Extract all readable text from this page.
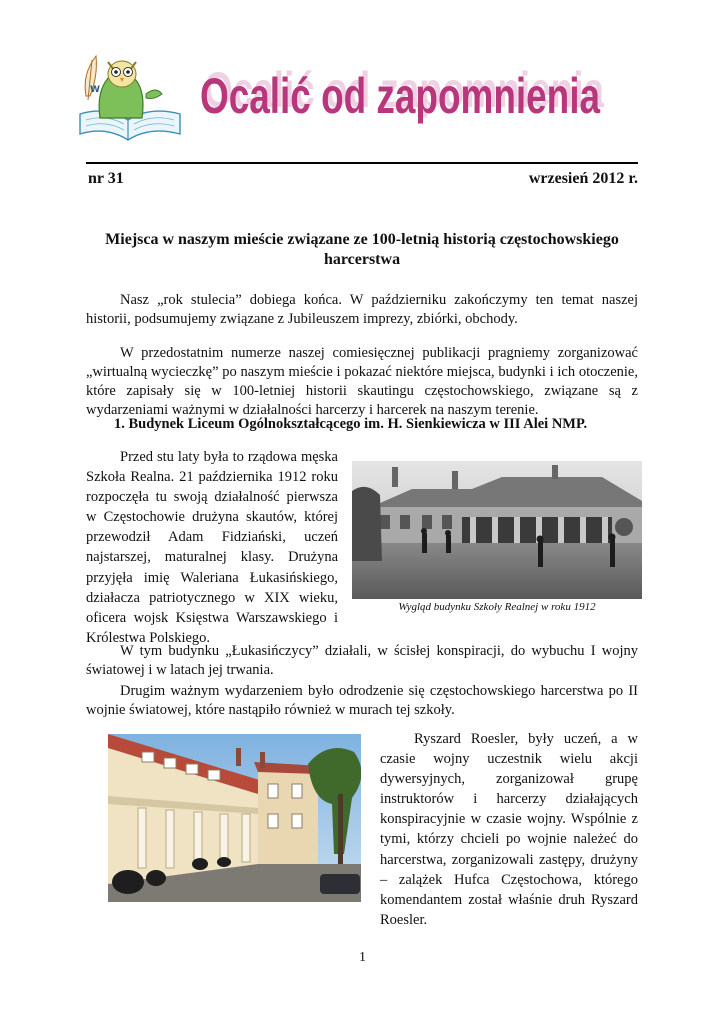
W Ocalić od zapomnienia
Ocalić od zapomnienia
nr 31	wrzesień 2012 r.
Miejsca w naszym mieście związane ze 100-letnią historią częstochowskiego harcerstwa
Nasz „rok stulecia” dobiega końca. W październiku zakończymy ten temat naszej historii, podsumujemy związane z Jubileuszem imprezy, zbiórki, obchody.
W przedostatnim numerze naszej comiesięcznej publikacji pragniemy zorganizować „wirtualną wycieczkę” po naszym mieście i pokazać niektóre miejsca, budynki i ich otoczenie, które zapisały się w 100-letniej historii skautingu częstochowskiego, związane są z wydarzeniami ważnymi w działalności harcerzy i harcerek na naszym terenie.
1. Budynek Liceum Ogólnokształcącego im. H. Sienkiewicza w III Alei NMP.
Przed stu laty była to rządowa męska Szkoła Realna. 21 października 1912 roku rozpoczęła tu swoją działalność pierwsza w Częstochowie drużyna skautów, której przewodził Adam Fidziański, uczeń najstarszej, maturalnej klasy. Drużyna przyjęła imię Waleriana Łukasińskiego, działacza patriotycznego w XIX wieku, oficera wojsk Księstwa Warszawskiego i Królestwa Polskiego.
Wygląd budynku Szkoły Realnej w roku 1912
W tym budynku „Łukasińczycy” działali, w ścisłej konspiracji, do wybuchu I wojny światowej i w latach jej trwania.
Drugim ważnym wydarzeniem było odrodzenie się częstochowskiego harcerstwa po II wojnie światowej, które nastąpiło również w murach tej szkoły.
Ryszard Roesler, były uczeń, a w czasie wojny uczestnik wielu akcji dywersyjnych, zorganizował grupę instruktorów i harcerzy działających konspiracyjnie w czasie wojny. Wspólnie z tymi, którzy chcieli po wojnie należeć do harcerstwa, zorganizowali zastępy, drużyny – zalążek Hufca Częstochowa, którego komendantem został właśnie druh Ryszard Roesler.
1
